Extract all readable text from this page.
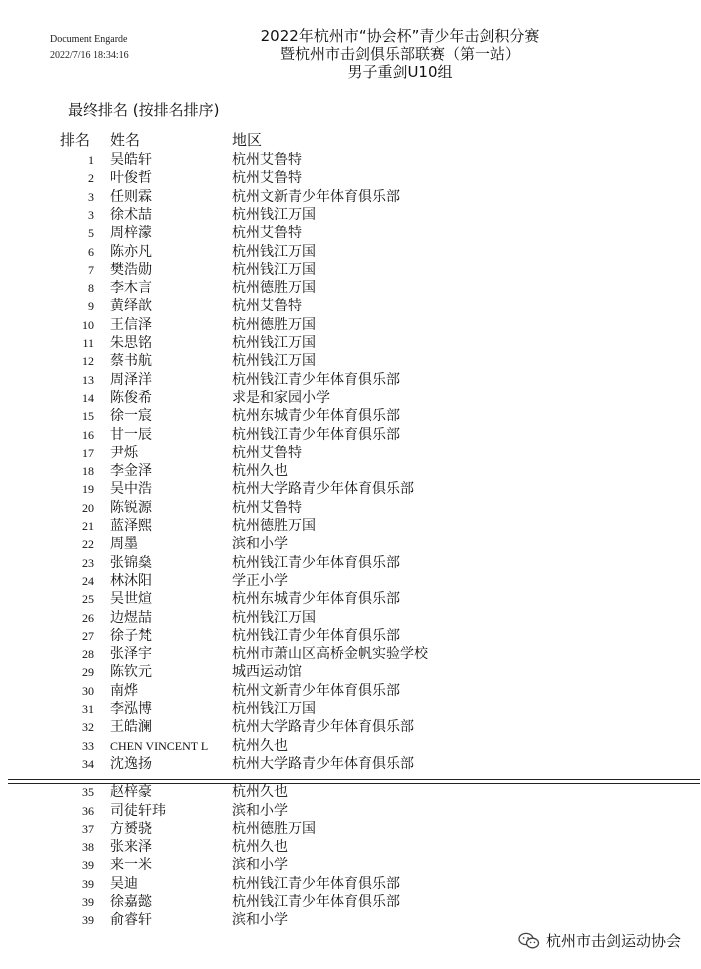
Document Engarde
2022/7/16 18:34:16
2022年杭州市“协会杯”青少年击剑积分赛
暨杭州市击剑俱乐部联赛（第一站）
男子重剑U10组
最终排名 (按排名排序)
排名	姓名	地区
1 吴皓轩	杭州艾鲁特
2 叶俊哲	杭州艾鲁特
3 任则霖	杭州文新青少年体育俱乐部
3 徐术喆	杭州钱江万国
5 周梓濛	杭州艾鲁特
6 陈亦凡	杭州钱江万国
7 樊浩勋	杭州钱江万国
8 李木言	杭州德胜万国
9 黄绎歆	杭州艾鲁特
10 王信泽	杭州德胜万国
11 朱思铭	杭州钱江万国
12 蔡书航	杭州钱江万国
13 周泽洋	杭州钱江青少年体育俱乐部
14 陈俊希	求是和家园小学
15 徐一宸	杭州东城青少年体育俱乐部
16 甘一辰	杭州钱江青少年体育俱乐部
17 尹烁	杭州艾鲁特
18 李金泽	杭州久也
19 吴中浩	杭州大学路青少年体育俱乐部
20 陈锐源	杭州艾鲁特
21 蓝泽熙	杭州德胜万国
22 周墨	滨和小学
23 张锦燊	杭州钱江青少年体育俱乐部
24 林沐阳	学正小学
25 吴世煊	杭州东城青少年体育俱乐部
26 边煜喆	杭州钱江万国
27 徐子梵	杭州钱江青少年体育俱乐部
28 张泽宇	杭州市萧山区高桥金帆实验学校
29 陈钦元	城西运动馆
30 南烨	杭州文新青少年体育俱乐部
31 李泓博	杭州钱江万国
32 王皓澜	杭州大学路青少年体育俱乐部
33 CHEN VINCENT L 杭州久也
34 沈逸扬	杭州大学路青少年体育俱乐部
35 赵梓豪	杭州久也
36 司徒轩玮	滨和小学
37 方赟骁	杭州德胜万国
38 张来泽	杭州久也
39 来一米	滨和小学
39 吴迪	杭州钱江青少年体育俱乐部
39 徐嘉懿	杭州钱江青少年体育俱乐部
39 俞睿轩	滨和小学
杭州市击剑运动协会
